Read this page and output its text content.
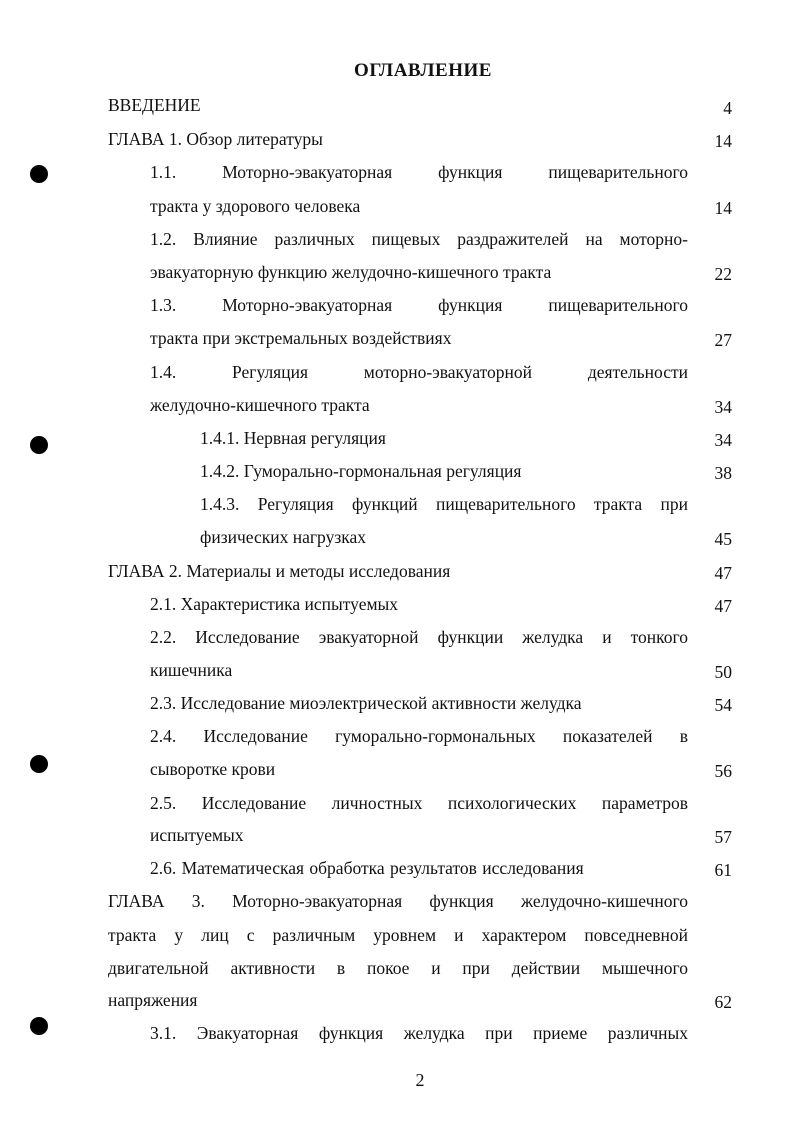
ОГЛАВЛЕНИЕ
ВВЕДЕНИЕ	4
ГЛАВА 1. Обзор литературы	14
1.1. Моторно-эвакуаторная функция пищеварительного
тракта у здорового человека	14
1.2. Влияние различных пищевых раздражителей на моторно-
эвакуаторную функцию желудочно-кишечного тракта	22
1.3. Моторно-эвакуаторная функция пищеварительного
тракта при экстремальных воздействиях	27
1.4. Регуляция моторно-эвакуаторной деятельности
желудочно-кишечного тракта	34
1.4.1. Нервная регуляция	34
1.4.2. Гуморально-гормональная регуляция	38
1.4.3. Регуляция функций пищеварительного тракта при
физических нагрузках	45
ГЛАВА 2. Материалы и методы исследования	47
2.1. Характеристика испытуемых	47
2.2. Исследование эвакуаторной функции желудка и тонкого
кишечника	50
2.3. Исследование миоэлектрической активности желудка	54
2.4. Исследование гуморально-гормональных показателей в
сыворотке крови	56
2.5. Исследование личностных психологических параметров
испытуемых	57
2.6. Математическая обработка результатов исследования	61
ГЛАВА 3. Моторно-эвакуаторная функция желудочно-кишечного
тракта у лиц с различным уровнем и характером повседневной
двигательной активности в покое и при действии мышечного
напряжения	62
3.1. Эвакуаторная функция желудка при приеме различных
2
